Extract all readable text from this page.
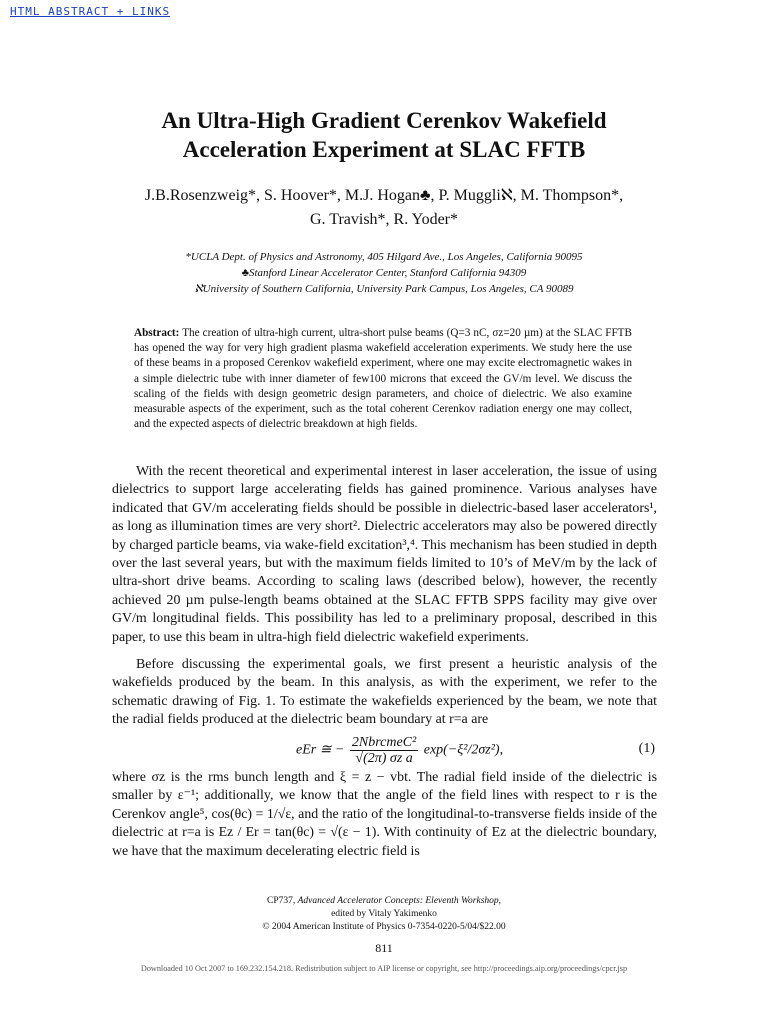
HTML ABSTRACT + LINKS
An Ultra-High Gradient Cerenkov Wakefield
Acceleration Experiment at SLAC FFTB
J.B.Rosenzweig*, S. Hoover*, M.J. Hogan♣, P. Muggliℵ, M. Thompson*,
G. Travish*, R. Yoder*
*UCLA Dept. of Physics and Astronomy, 405 Hilgard Ave., Los Angeles, California 90095
♣Stanford Linear Accelerator Center, Stanford California 94309
ℵUniversity of Southern California, University Park Campus, Los Angeles, CA 90089
Abstract: The creation of ultra-high current, ultra-short pulse beams (Q=3 nC, σz=20 µm) at the SLAC FFTB has opened the way for very high gradient plasma wakefield acceleration experiments. We study here the use of these beams in a proposed Cerenkov wakefield experiment, where one may excite electromagnetic wakes in a simple dielectric tube with inner diameter of few100 microns that exceed the GV/m level. We discuss the scaling of the fields with design geometric design parameters, and choice of dielectric. We also examine measurable aspects of the experiment, such as the total coherent Cerenkov radiation energy one may collect, and the expected aspects of dielectric breakdown at high fields.
With the recent theoretical and experimental interest in laser acceleration, the issue of using dielectrics to support large accelerating fields has gained prominence. Various analyses have indicated that GV/m accelerating fields should be possible in dielectric-based laser accelerators¹, as long as illumination times are very short². Dielectric accelerators may also be powered directly by charged particle beams, via wake-field excitation³,⁴. This mechanism has been studied in depth over the last several years, but with the maximum fields limited to 10’s of MeV/m by the lack of ultra-short drive beams. According to scaling laws (described below), however, the recently achieved 20 µm pulse-length beams obtained at the SLAC FFTB SPPS facility may give over GV/m longitudinal fields. This possibility has led to a preliminary proposal, described in this paper, to use this beam in ultra-high field dielectric wakefield experiments.
Before discussing the experimental goals, we first present a heuristic analysis of the wakefields produced by the beam. In this analysis, as with the experiment, we refer to the schematic drawing of Fig. 1. To estimate the wakefields experienced by the beam, we note that the radial fields produced at the dielectric beam boundary at r=a are
eEr ≅ − $\frac{\text{2NbrcmeC²}}{\text{√(2π) σz a}} \exp(-\xi^2/2\sigma z^2)$,	(1)
where σz is the rms bunch length and ξ = z − vbt. The radial field inside of the dielectric is smaller by ε⁻¹; additionally, we know that the angle of the field lines with respect to r is the Cerenkov angle⁵, cos(θc) = 1/√ε, and the ratio of the longitudinal-to-transverse fields inside of the dielectric at r=a is Ez / Er = tan(θc) = √(ε − 1). With continuity of Ez at the dielectric boundary, we have that the maximum decelerating electric field is
CP737, Advanced Accelerator Concepts: Eleventh Workshop,
edited by Vitaly Yakimenko
© 2004 American Institute of Physics 0-7354-0220-5/04/$22.00
811
Downloaded 10 Oct 2007 to 169.232.154.218. Redistribution subject to AIP license or copyright, see http://proceedings.aip.org/proceedings/cpcr.jsp
